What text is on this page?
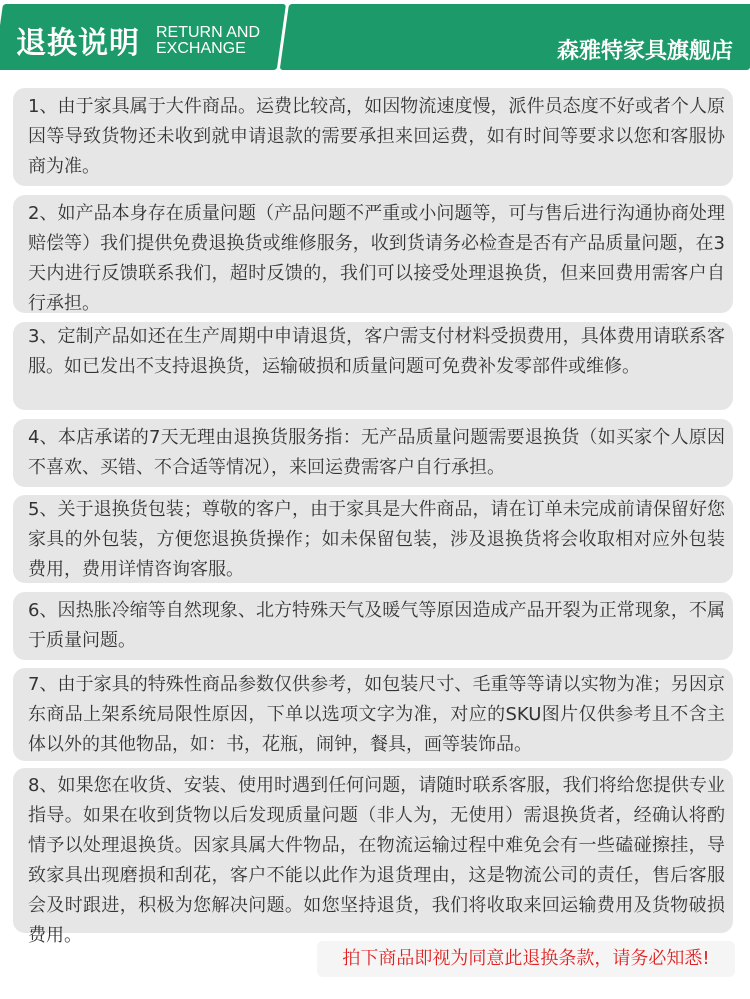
退换说明 RETURN AND
EXCHANGE	森雅特家具旗舰店
1、由于家具属于大件商品。运费比较高，如因物流速度慢，派件员态度不好或者个人原因等导致货物还未收到就申请退款的需要承担来回运费，如有时间等要求以您和客服协商为准。
2、如产品本身存在质量问题（产品问题不严重或小问题等，可与售后进行沟通协商处理赔偿等）我们提供免费退换货或维修服务，收到货请务必检查是否有产品质量问题，在3天内进行反馈联系我们，超时反馈的，我们可以接受处理退换货，但来回费用需客户自行承担。
3、定制产品如还在生产周期中申请退货，客户需支付材料受损费用，具体费用请联系客服。如已发出不支持退换货，运输破损和质量问题可免费补发零部件或维修。
4、本店承诺的7天无理由退换货服务指：无产品质量问题需要退换货（如买家个人原因不喜欢、买错、不合适等情况），来回运费需客户自行承担。
5、关于退换货包装；尊敬的客户，由于家具是大件商品，请在订单未完成前请保留好您家具的外包装，方便您退换货操作；如未保留包装，涉及退换货将会收取相对应外包装费用，费用详情咨询客服。
6、因热胀冷缩等自然现象、北方特殊天气及暖气等原因造成产品开裂为正常现象，不属于质量问题。
7、由于家具的特殊性商品参数仅供参考，如包装尺寸、毛重等等请以实物为准；另因京东商品上架系统局限性原因，下单以选项文字为准，对应的SKU图片仅供参考且不含主体以外的其他物品，如：书，花瓶，闹钟，餐具，画等装饰品。
8、如果您在收货、安装、使用时遇到任何问题，请随时联系客服，我们将给您提供专业指导。如果在收到货物以后发现质量问题（非人为，无使用）需退换货者，经确认将酌情予以处理退换货。因家具属大件物品，在物流运输过程中难免会有一些磕碰擦挂，导致家具出现磨损和刮花，客户不能以此作为退货理由，这是物流公司的责任，售后客服会及时跟进，积极为您解决问题。如您坚持退货，我们将收取来回运输费用及货物破损费用。
拍下商品即视为同意此退换条款，请务必知悉!
